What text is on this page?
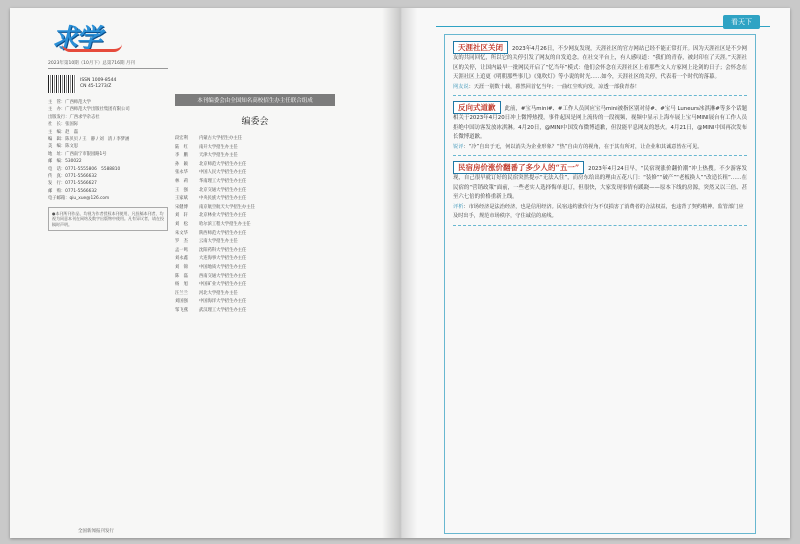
求学
2023年第10期（10月下）总第716期 月刊
ISSN 1009-8544
CN 45-1273/Z
主　管：广西师范大学
主　办：广西师范大学出版社集团有限公司
出版发行：广西求学杂志社
社　长：张国际
主　编：赵　磊
编　辑：陈贝贝 / 王　静 / 刘　清 / 李梦涵
美　编：陈文思
地　址：广西南宁市银园路1号
邮　编：530022
电　话：0771-5555806　5588810
传　真：0771-5566632
发　行：0771-5566627
邮　购：0771-5566632
电子邮箱：qiu_xue@126.com
●本刊所刊作品，均视为作者授权本刊使用，凡投稿本刊者，均视为同意本刊在网络及数字出版物中使用。凡有异议者，请在投稿时声明。
本刊编委会由全国知名高校招生办主任联合组成
编委会
段宏利	内蒙古大学招生办主任
陆　红	南开大学招生办主任
李　鹏	天津大学招生办主任
孙　颖	北京师范大学招生办主任
张永华	中国人民大学招生办主任
林　莉	华南理工大学招生办主任
王　强	北京交通大学招生办主任
王家斌	中央民族大学招生办主任
宋健博	南京航空航天大学招生办主任
刘　轩	北京林业大学招生办主任
刘　松	哈尔滨工程大学招生办主任
朱文华	陕西师范大学招生办主任
罗　杰	云南大学招生办主任
孟一鸣	沈阳药科大学招生办主任
刘永鑫	大连海事大学招生办主任
刘　锦	中国地质大学招生办主任
陈　磊	西南交通大学招生办主任
杨　旭	中国矿业大学招生办主任
汪兰兰	河北大学招生办主任
刘国强	中国海洋大学招生办主任
邹飞燕	武汉理工大学招生办主任
全国新闻报刊发行
看天下
天涯社区关闭 2023年4月26日，不少网友发现，天涯社区的官方网站已经不能正常打开。因为天涯社区是不少网友的共同回忆，所以它的关停引发了网友的自发追念。在社交平台上，有人感叹道：“我们的青春，被封印在了天涯。”天涯社区的关停，让国内最早一批网民开启了“忆当年”模式：他们会怀念在天涯社区上看那些文人方家网上论剑的日子；会怀念在天涯社区上追更《明朝那些事儿》《鬼吹灯》等小说的时光……如今，天涯社区的关停，代表着一个时代的落幕。
网友说：天涯一别数十载，暮然回首忆当年；一曲红尘吹向发，凉透一部我青春！
反向式道歉 此前，#宝马mini#、#工作人员回应宝马mini被指区别对待#、#宝马 Luneurs冰淇淋#等多个话题相关于2023年4月20日冲上微博热搜，事件起因是网上流传的一段视频，视频中显示上海车展上宝马MINI展台有工作人员拒绝中国访客发放冰淇淋。4月20日，@MINI中国发布微博道歉，但没能平息网友的怒火。4月21日，@MINI中国再次发布长微博道歉。
锐评：“冷”自出于无，何以消失为企业形象？“热”自由方的视角，在于其有所对，让企业和其诚意皆在可见。
民宿房价涨价翻番了多少人的“五一” 2023年4月24日早，“民宿现涨价翻价潮”冲上热搜。不少游客发现，自己很早就订好的民宿突然提示“无法入住”，而房东给出的理由五花八门：“装修”“破产”“老板换人”“改造长租”……在民宿的“营销政策”面前，一些老实人选择悔单退订，但很快，大家发现事情有蹊跷——原本下线的房源，突然又以三倍、甚至六七倍的价格重新上线。
评析：市场经济是法治经济，也是信用经济。民宿违约涨价行为不仅损害了消费者的合法权益，也违背了契约精神。监管部门应及时出手，规范市场秩序，守住诚信的底线。
